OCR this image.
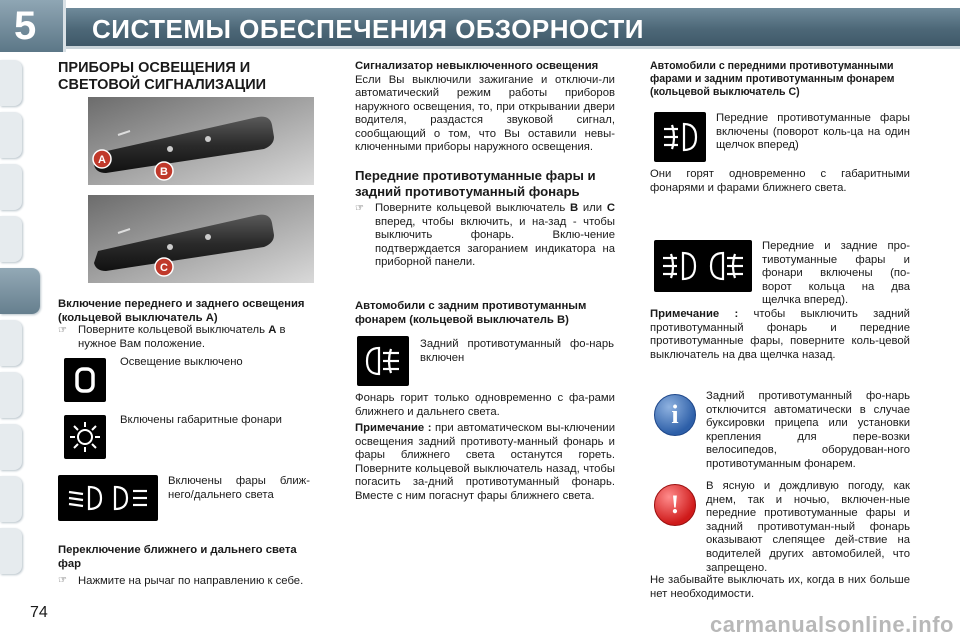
5 СИСТЕМЫ ОБЕСПЕЧЕНИЯ ОБЗОРНОСТИ
ПРИБОРЫ ОСВЕЩЕНИЯ И
СВЕТОВОЙ СИГНАЛИЗАЦИИ
A
B
C
Включение переднего и заднего освещения (кольцевой выключатель A)
☞ Поверните кольцевой выключатель A в нужное Вам положение.
Освещение выключено
Включены габаритные фонари
Включены фары ближ-него/дальнего света
Переключение ближнего и дальнего света фар
☞ Нажмите на рычаг по направлению к себе.
Сигнализатор невыключенного освещения
Если Вы выключили зажигание и отключи-ли автоматический режим работы приборов наружного освещения, то, при открывании двери водителя, раздастся звуковой сигнал, сообщающий о том, что Вы оставили невы-ключенными приборы наружного освещения.
Передние противотуманные фары и задний противотуманный фонарь
☞ Поверните кольцевой выключатель B или C вперед, чтобы включить, и на-зад - чтобы выключить фонарь. Вклю-чение подтверждается загоранием индикатора на приборной панели.
Автомобили с задним противотуманным фонарем (кольцевой выключатель В)
Задний противотуманный фо-нарь включен
Фонарь горит только одновременно с фа-рами ближнего и дальнего света.
Примечание : при автоматическом вы-ключении освещения задний противоту-манный фонарь и фары ближнего света останутся гореть. Поверните кольцевой выключатель назад, чтобы погасить за-дний противотуманный фонарь. Вместе с ним погаснут фары ближнего света.
Автомобили с передними противотуманными фарами и задним противотуманным фонарем (кольцевой выключатель С)
Передние противотуманные фары включены (поворот коль-ца на один щелчок вперед)
Они горят одновременно с габаритными фонарями и фарами ближнего света.
Передние и задние про-тивотуманные фары и фонари включены (по-ворот кольца на два щелчка вперед).
Примечание : чтобы выключить задний противотуманный фонарь и передние противотуманные фары, поверните коль-цевой выключатель на два щелчка назад.
i
Задний противотуманный фо-нарь отключится автоматически в случае буксировки прицепа или установки крепления для пере-возки велосипедов, оборудован-ного противотуманным фонарем.
!
В ясную и дождливую погоду, как днем, так и ночью, включен-ные передние противотуманные фары и задний противотуман-ный фонарь оказывают слепящее дей-ствие на водителей других автомобилей, что запрещено.
Не забывайте выключать их, когда в них больше нет необходимости.
74	carmanualsonline.info
